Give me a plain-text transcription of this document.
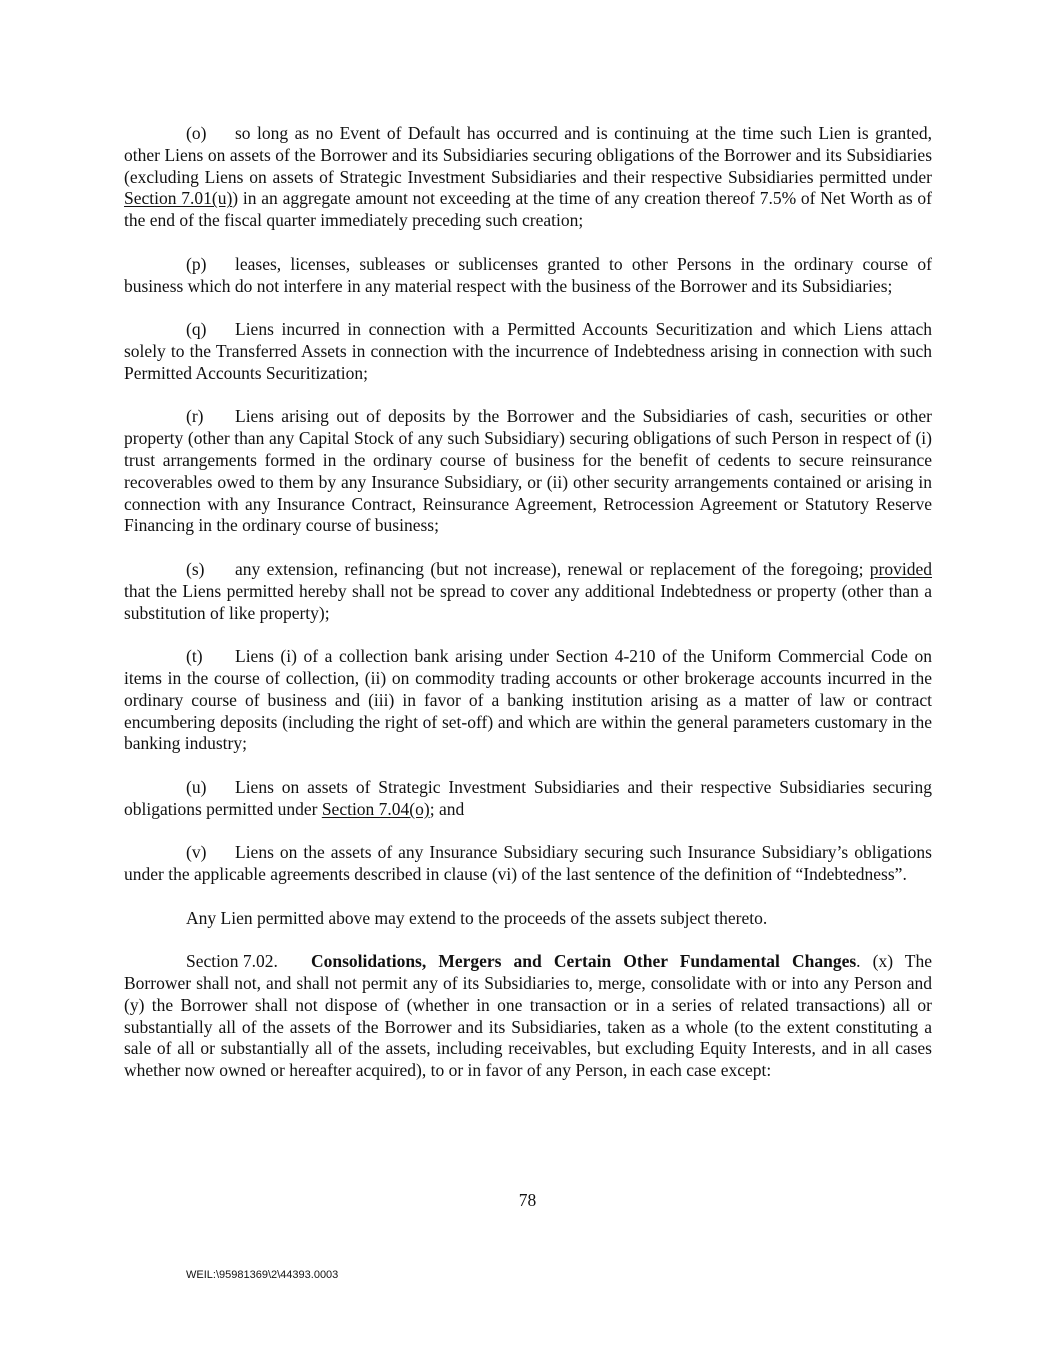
(o) so long as no Event of Default has occurred and is continuing at the time such Lien is granted, other Liens on assets of the Borrower and its Subsidiaries securing obligations of the Borrower and its Subsidiaries (excluding Liens on assets of Strategic Investment Subsidiaries and their respective Subsidiaries permitted under Section 7.01(u)) in an aggregate amount not exceeding at the time of any creation thereof 7.5% of Net Worth as of the end of the fiscal quarter immediately preceding such creation;

(p) leases, licenses, subleases or sublicenses granted to other Persons in the ordinary course of business which do not interfere in any material respect with the business of the Borrower and its Subsidiaries;

(q) Liens incurred in connection with a Permitted Accounts Securitization and which Liens attach solely to the Transferred Assets in connection with the incurrence of Indebtedness arising in connection with such Permitted Accounts Securitization;

(r) Liens arising out of deposits by the Borrower and the Subsidiaries of cash, securities or other property (other than any Capital Stock of any such Subsidiary) securing obligations of such Person in respect of (i) trust arrangements formed in the ordinary course of business for the benefit of cedents to secure reinsurance recoverables owed to them by any Insurance Subsidiary, or (ii) other security arrangements contained or arising in connection with any Insurance Contract, Reinsurance Agreement, Retrocession Agreement or Statutory Reserve Financing in the ordinary course of business;

(s) any extension, refinancing (but not increase), renewal or replacement of the foregoing; provided that the Liens permitted hereby shall not be spread to cover any additional Indebtedness or property (other than a substitution of like property);

(t) Liens (i) of a collection bank arising under Section 4-210 of the Uniform Commercial Code on items in the course of collection, (ii) on commodity trading accounts or other brokerage accounts incurred in the ordinary course of business and (iii) in favor of a banking institution arising as a matter of law or contract encumbering deposits (including the right of set-off) and which are within the general parameters customary in the banking industry;

(u) Liens on assets of Strategic Investment Subsidiaries and their respective Subsidiaries securing obligations permitted under Section 7.04(o); and

(v) Liens on the assets of any Insurance Subsidiary securing such Insurance Subsidiary’s obligations under the applicable agreements described in clause (vi) of the last sentence of the definition of “Indebtedness”.

Any Lien permitted above may extend to the proceeds of the assets subject thereto.

Section 7.02. Consolidations, Mergers and Certain Other Fundamental Changes. (x) The Borrower shall not, and shall not permit any of its Subsidiaries to, merge, consolidate with or into any Person and (y) the Borrower shall not dispose of (whether in one transaction or in a series of related transactions) all or substantially all of the assets of the Borrower and its Subsidiaries, taken as a whole (to the extent constituting a sale of all or substantially all of the assets, including receivables, but excluding Equity Interests, and in all cases whether now owned or hereafter acquired), to or in favor of any Person, in each case except:

78
WEIL:\95981369\2\44393.0003
